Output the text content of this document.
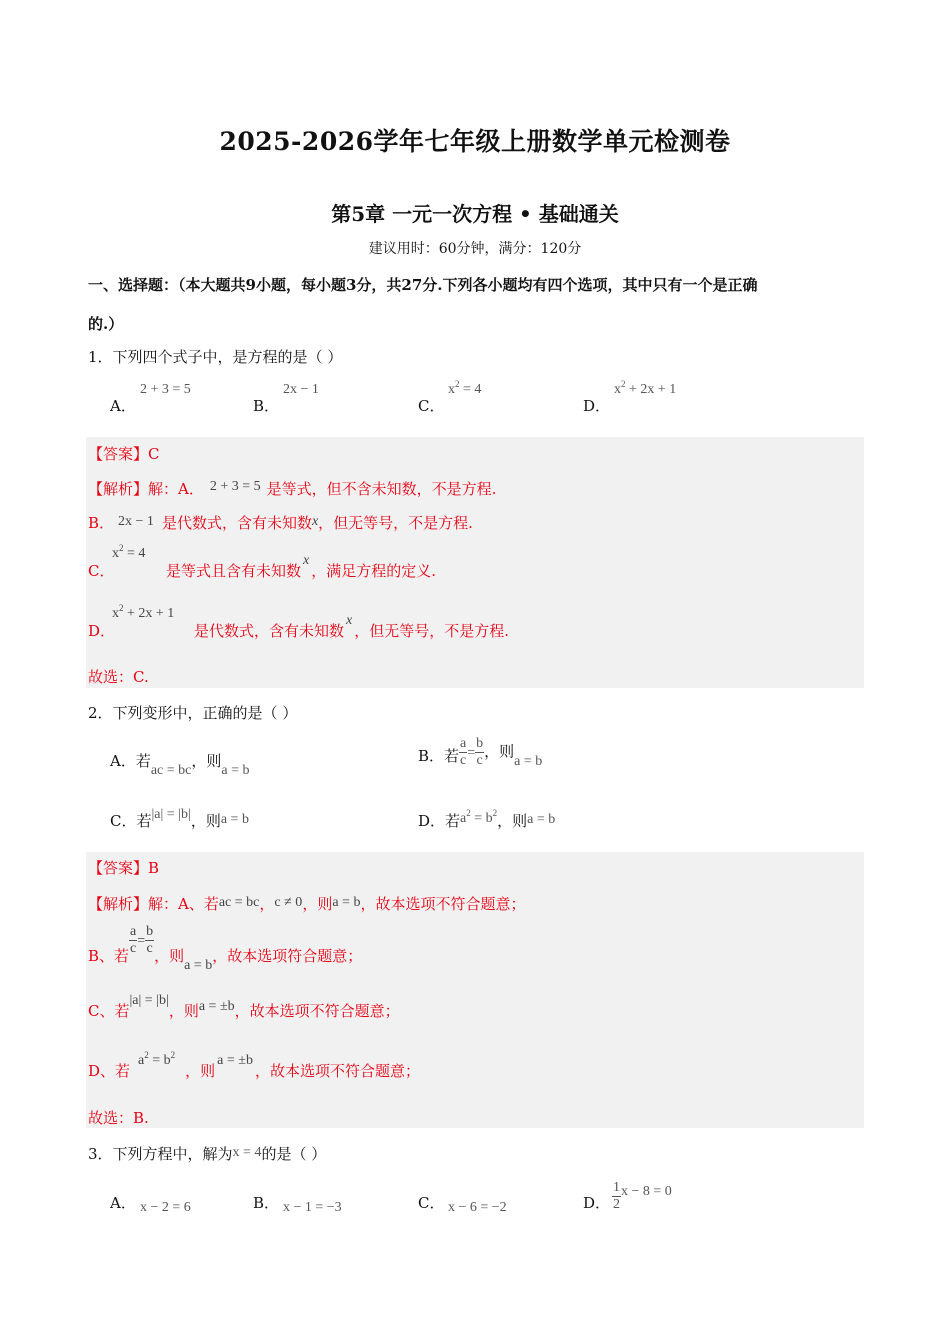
2025-2026学年七年级上册数学单元检测卷
第5章 一元一次方程 • 基础通关
建议用时：60分钟，满分：120分
一、选择题：（本大题共9小题，每小题3分，共27分.下列各小题均有四个选项，其中只有一个是正确
的.）
1．下列四个式子中，是方程的是（ ）
A．
2 + 3 = 5
B．
2x − 1
C．
$x^2 = 4$
D．
$x^2 + 2x + 1$
【答案】C
【解析】解：A． 2 + 3 = 5 是等式，但不含未知数，不是方程.
B． 2x − 1 是代数式，含有未知数x，但无等号，不是方程.
C．
$x^2 = 4$
是等式且含有未知数x，满足方程的定义.
D．
$x^2 + 2x + 1$
是代数式，含有未知数x，但无等号，不是方程.
故选：C.
2．下列变形中，正确的是（ ）
A．若ac = bc，则a = b
B．若 $\frac{a}{c} = \frac{b}{c}$ ，则a = b
C．若|a| = |b|，则a = b	D．若$a^2 = b^2$，则a = b
【答案】B
【解析】解：A、若ac = bc，c ≠ 0，则a = b，故本选项不符合题意；
B、若 $\frac{a}{c} = \frac{b}{c}$ ，则a = b，故本选项符合题意；
C、若|a| = |b|，则a = ±b，故本选项不符合题意；
D、若$a^2 = b^2$，则a = ±b，故本选项不符合题意；
故选：B.
3．下列方程中，解为x = 4的是（ ）
A． x − 2 = 6	B． x − 1 = −3	C． x − 6 = −2	D． $\frac{1}{2}$ x − 8 = 0
